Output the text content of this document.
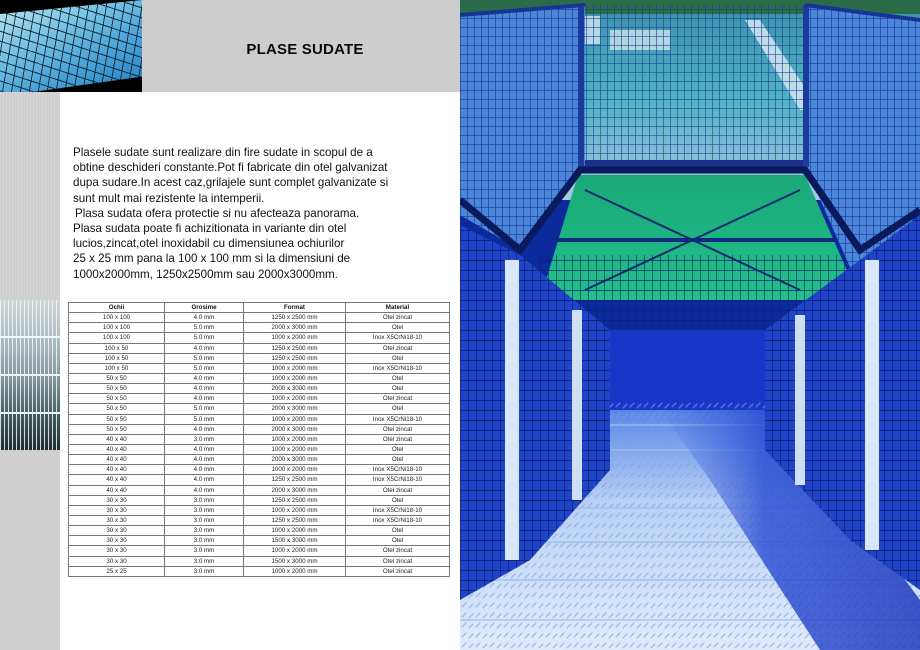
PLASE SUDATE

Plasele sudate sunt realizare din fire sudate in scopul de a

obtine deschideri constante.Pot fi fabricate din otel galvanizat

dupa sudare.In acest caz,grilajele sunt complet galvanizate si

sunt mult mai rezistente la intemperii.

Plasa sudata ofera protectie si nu afecteaza panorama.

Plasa sudata poate fi achizitionata in variante din otel

lucios,zincat,otel inoxidabil cu dimensiunea ochiurilor

25 x 25 mm pana la 100 x 100 mm si la dimensiuni de

1000x2000mm, 1250x2500mm sau 2000x3000mm.

Ochii	Grosime	Format	Material
100 x 100	4.0 mm	1250 x 2500 mm	Otel zincat
100 x 100	5.0 mm	2000 x 3000 mm	Otel
100 x 100	5.0 mm	1000 x 2000 mm	Inox X5CrNi18-10
100 x 50	4.0 mm	1250 x 2500 mm	Otel zincat
100 x 50	5.0 mm	1250 x 2500 mm	Otel
100 x 50	5.0 mm	1000 x 2000 mm	Inox X5CrNi18-10
50 x 50	4.0 mm	1000 x 2000 mm	Otel
50 x 50	4.0 mm	2000 x 3000 mm	Otel
50 x 50	4.0 mm	1000 x 2000 mm	Otel zincat
50 x 50	5.0 mm	2000 x 3000 mm	Otel
50 x 50	5.0 mm	1000 x 2000 mm	Inox X5CrNi18-10
50 x 50	4.0 mm	2000 x 3000 mm	Otel zincat
40 x 40	3.0 mm	1000 x 2000 mm	Otel zincat
40 x 40	4.0 mm	1000 x 2000 mm	Otel
40 x 40	4.0 mm	2000 x 3000 mm	Otel
40 x 40	4.0 mm	1000 x 2000 mm	Inox X5CrNi18-10
40 x 40	4.0 mm	1250 x 2500 mm	Inox X5CrNi18-10
40 x 40	4.0 mm	2000 x 3000 mm	Otel zincat
30 x 30	3.0 mm	1250 x 2500 mm	Otel
30 x 30	3.0 mm	1000 x 2000 mm	Inox X5CrNi18-10
30 x 30	3.0 mm	1250 x 2500 mm	Inox X5CrNi18-10
30 x 30	3.0 mm	1000 x 2000 mm	Otel
30 x 30	3.0 mm	1500 x 3000 mm	Otel
30 x 30	3.0 mm	1000 x 2000 mm	Otel zincat
30 x 30	3.0 mm	1500 x 3000 mm	Otel zincat
25 x 25	3.0 mm	1000 x 2000 mm	Otel zincat
